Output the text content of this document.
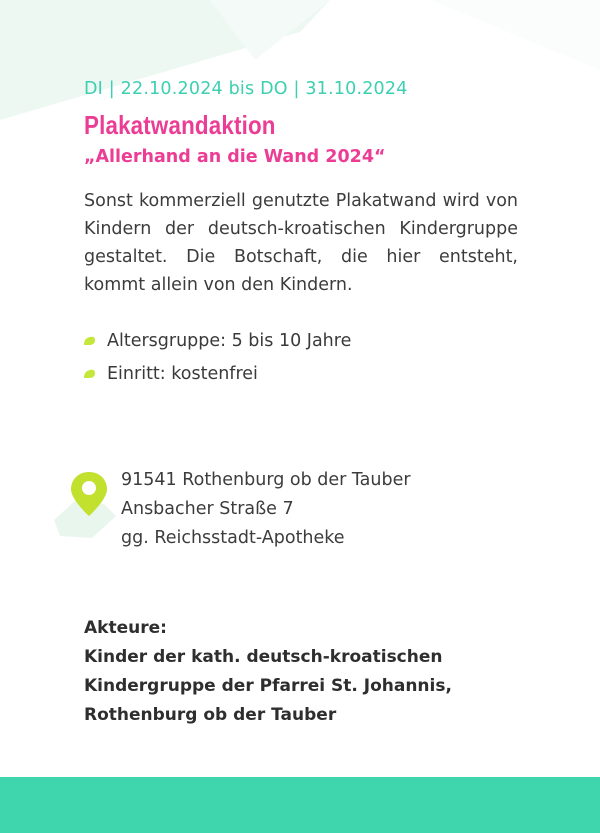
DI | 22.10.2024 bis DO | 31.10.2024
Plakatwandaktion
„Allerhand an die Wand 2024“
Sonst kommerziell genutzte Plakatwand wird von Kindern der deutsch-kroatischen Kindergruppe gestaltet. Die Botschaft, die hier entsteht, kommt allein von den Kindern.
Altersgruppe: 5 bis 10 Jahre
Einritt: kostenfrei
91541 Rothenburg ob der Tauber
Ansbacher Straße 7
gg. Reichsstadt-Apotheke
Akteure:
Kinder der kath. deutsch-kroatischen
Kindergruppe der Pfarrei St. Johannis,
Rothenburg ob der Tauber
